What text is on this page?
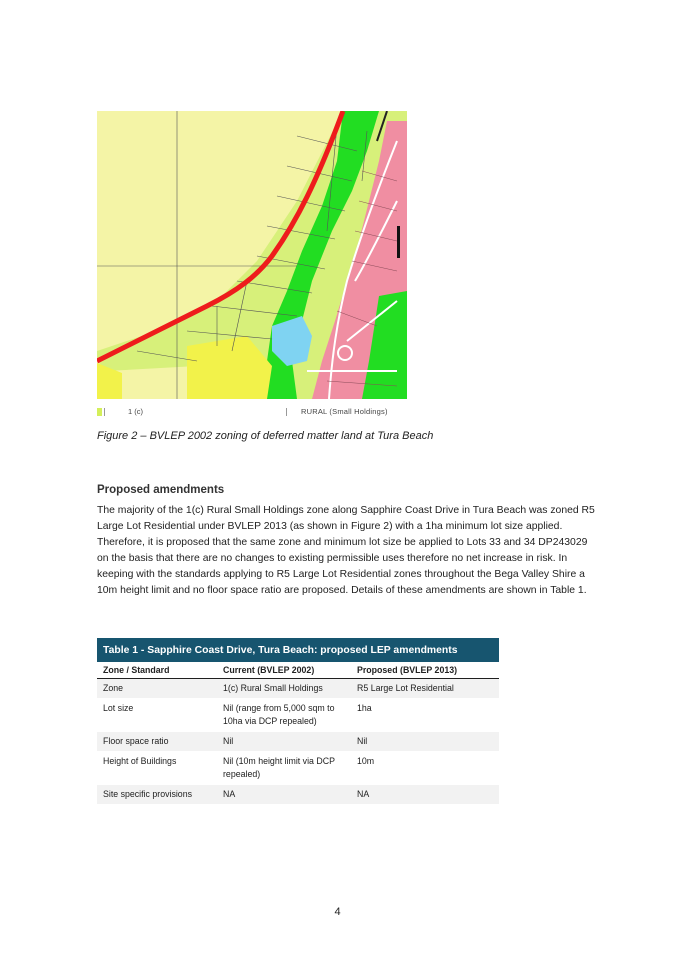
1 (c)	RURAL (Small Holdings)
Figure 2 – BVLEP 2002 zoning of deferred matter land at Tura Beach
Proposed amendments
The majority of the 1(c) Rural Small Holdings zone along Sapphire Coast Drive in Tura Beach was zoned R5 Large Lot Residential under BVLEP 2013 (as shown in Figure 2) with a 1ha minimum lot size applied. Therefore, it is proposed that the same zone and minimum lot size be applied to Lots 33 and 34 DP243029 on the basis that there are no changes to existing permissible uses therefore no net increase in risk. In keeping with the standards applying to R5 Large Lot Residential zones throughout the Bega Valley Shire a 10m height limit and no floor space ratio are proposed. Details of these amendments are shown in Table 1.
Table 1 - Sapphire Coast Drive, Tura Beach: proposed LEP amendments		
Zone / Standard	Current (BVLEP 2002)	Proposed (BVLEP 2013)
Zone	1(c) Rural Small Holdings	R5 Large Lot Residential
Lot size	Nil (range from 5,000 sqm to 10ha via DCP repealed)	1ha
Floor space ratio	Nil	Nil
Height of Buildings	Nil (10m height limit via DCP repealed)	10m
Site specific provisions	NA	NA
4
